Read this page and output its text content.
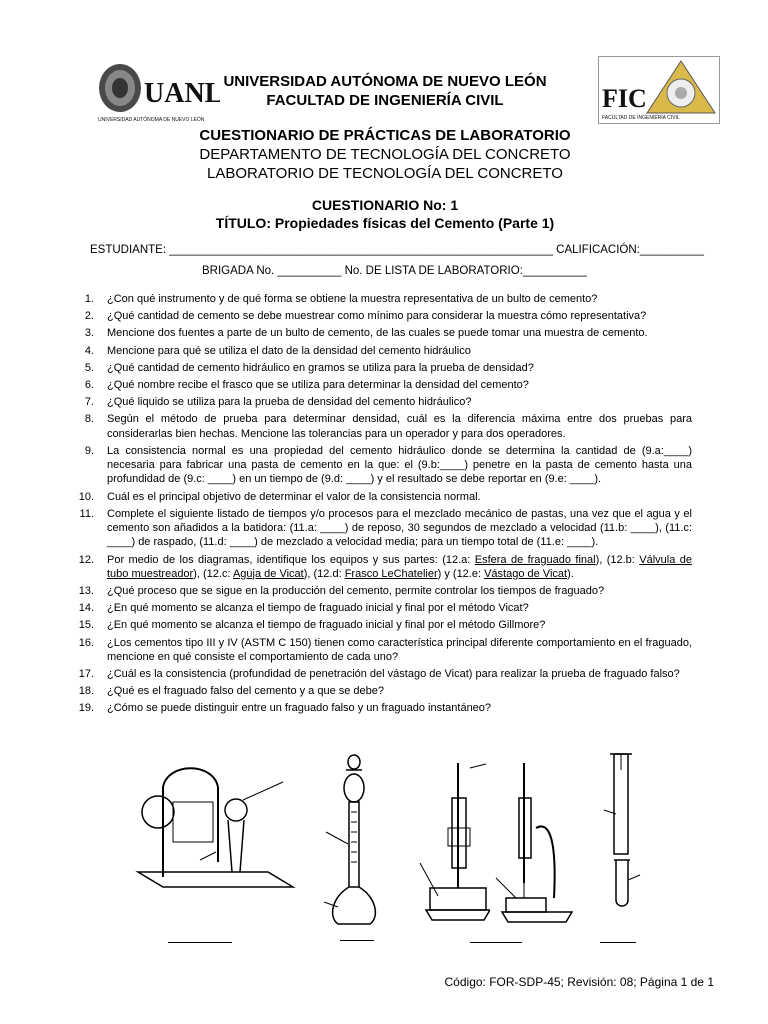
UANL
UNIVERSIDAD AUTÓNOMA DE NUEVO LEÓN
FIC
FACULTAD DE INGENIERÍA CIVIL
UNIVERSIDAD AUTÓNOMA DE NUEVO LEÓN
FACULTAD DE INGENIERÍA CIVIL
CUESTIONARIO DE PRÁCTICAS DE LABORATORIO
DEPARTAMENTO DE TECNOLOGÍA DEL CONCRETO
LABORATORIO DE TECNOLOGÍA DEL CONCRETO
CUESTIONARIO No: 1
TÍTULO: Propiedades físicas del Cemento (Parte 1)
ESTUDIANTE: ____________________________________________________________ CALIFICACIÓN:__________
BRIGADA No. __________ No. DE LISTA DE LABORATORIO:__________
1. ¿Con qué instrumento y de qué forma se obtiene la muestra representativa de un bulto de cemento?
2. ¿Qué cantidad de cemento se debe muestrear como mínimo para considerar la muestra cómo representativa?
3. Mencione dos fuentes a parte de un bulto de cemento, de las cuales se puede tomar una muestra de cemento.
4. Mencione para qué se utiliza el dato de la densidad del cemento hidráulico
5. ¿Qué cantidad de cemento hidráulico en gramos se utiliza para la prueba de densidad?
6. ¿Qué nombre recibe el frasco que se utiliza para determinar la densidad del cemento?
7. ¿Qué liquido se utiliza para la prueba de densidad del cemento hidráulico?
8. Según el método de prueba para determinar densidad, cuál es la diferencia máxima entre dos pruebas para considerarlas bien hechas. Mencione las tolerancias para un operador y para dos operadores.
9. La consistencia normal es una propiedad del cemento hidráulico donde se determina la cantidad de (9.a:____) necesaria para fabricar una pasta de cemento en la que: el (9.b:____) penetre en la pasta de cemento hasta una profundidad de (9.c: ____) en un tiempo de (9.d: ____) y el resultado se debe reportar en (9.e: ____).
10. Cuál es el principal objetivo de determinar el valor de la consistencia normal.
11. Complete el siguiente listado de tiempos y/o procesos para el mezclado mecánico de pastas, una vez que el agua y el cemento son añadidos a la batidora: (11.a: ____) de reposo, 30 segundos de mezclado a velocidad (11.b: ____), (11.c: ____) de raspado, (11.d: ____) de mezclado a velocidad media; para un tiempo total de (11.e: ____).
12. Por medio de los diagramas, identifique los equipos y sus partes: (12.a: Esfera de fraguado final), (12.b: Válvula de tubo muestreador), (12.c: Aguja de Vicat), (12.d: Frasco LeChatelier) y (12.e: Vástago de Vicat).
13. ¿Qué proceso que se sigue en la producción del cemento, permite controlar los tiempos de fraguado?
14. ¿En qué momento se alcanza el tiempo de fraguado inicial y final por el método Vicat?
15. ¿En qué momento se alcanza el tiempo de fraguado inicial y final por el método Gillmore?
16. ¿Los cementos tipo III y IV (ASTM C 150) tienen como característica principal diferente comportamiento en el fraguado, mencione en qué consiste el comportamiento de cada uno?
17. ¿Cuál es la consistencia (profundidad de penetración del vástago de Vicat) para realizar la prueba de fraguado falso?
18. ¿Qué es el fraguado falso del cemento y a que se debe?
19. ¿Cómo se puede distinguir entre un fraguado falso y un fraguado instantáneo?
Código: FOR-SDP-45; Revisión: 08; Página 1 de 1
